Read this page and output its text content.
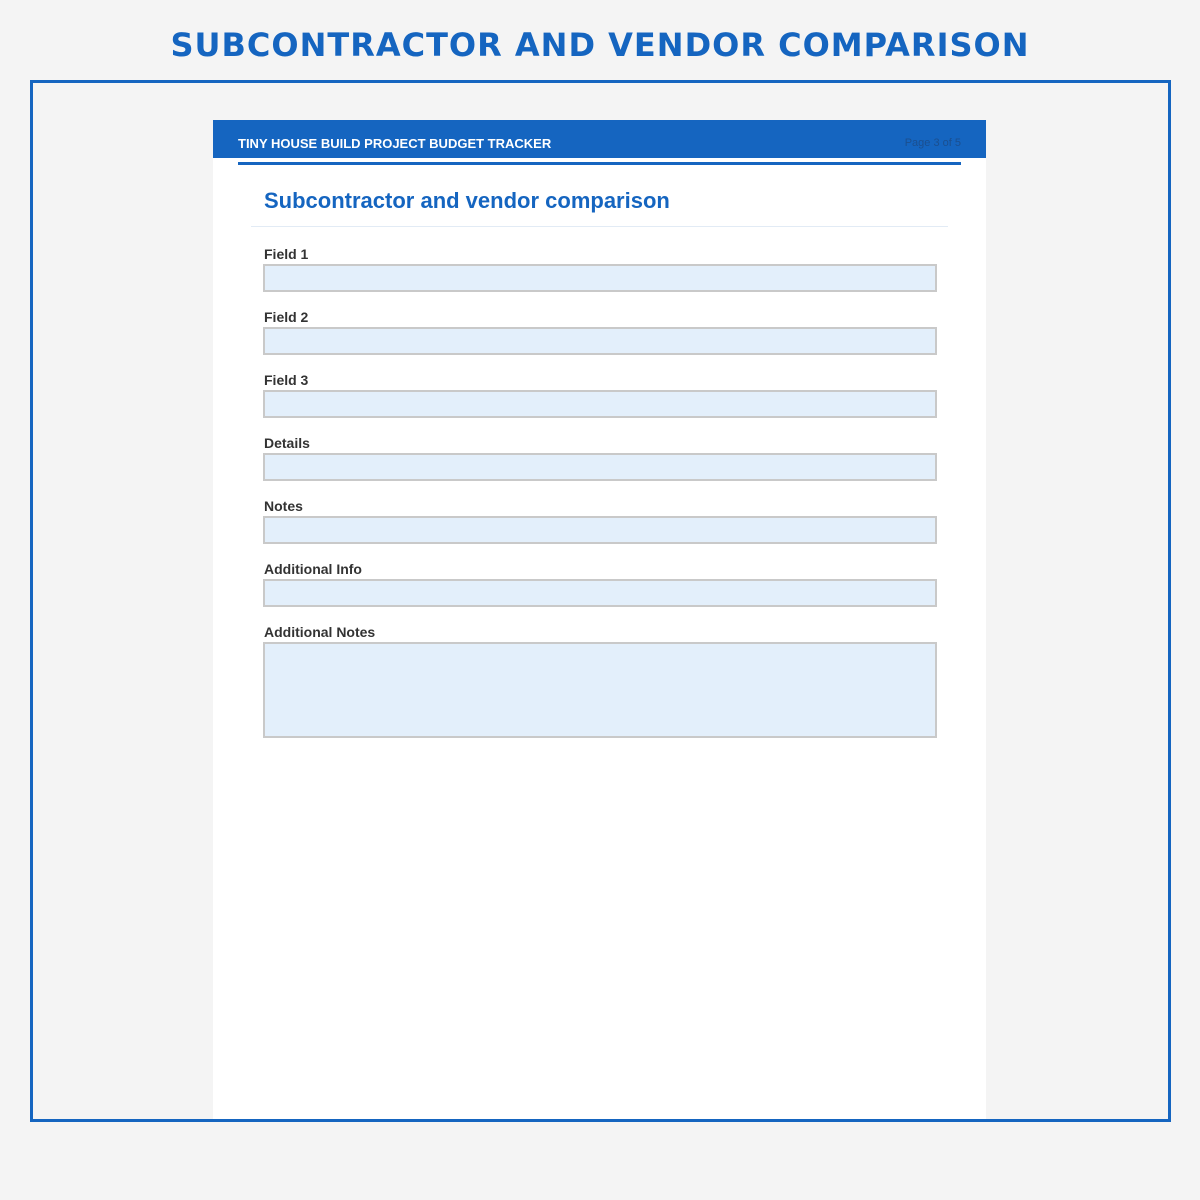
SUBCONTRACTOR AND VENDOR COMPARISON
TINY HOUSE BUILD PROJECT BUDGET TRACKER	Page 3 of 5
Subcontractor and vendor comparison
Field 1
Field 2
Field 3
Details
Notes
Additional Info
Additional Notes
